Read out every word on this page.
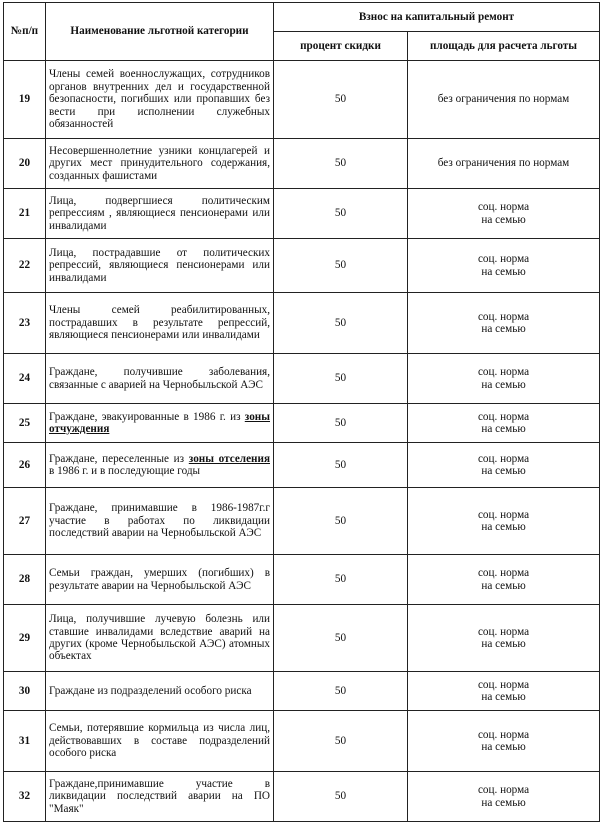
№п/п	Наименование льготной категории	Взнос на капитальный ремонт	
		процент скидки	площадь для расчета льготы
19	Члены семей военнослужащих, сотрудников органов внутренних дел и государственной безопасности, погибших или пропавших без вести при исполнении служебных обязанностей	50	без ограничения по нормам

20	Несовершеннолетние узники концлагерей и других мест принудительного содержания, созданных фашистами	50	без ограничения по нормам

21	Лица, подвергшиеся политическим репрессиям , являющиеся пенсионерами или инвалидами	50	соц. норма
на семью

22	Лица, пострадавшие от политических репрессий, являющиеся пенсионерами или инвалидами	50	соц. норма
на семью

23	Члены семей реабилитированных, пострадавших в результате репрессий, являющиеся пенсионерами или инвалидами	50	соц. норма
на семью

24	Граждане, получившие заболевания, связанные с аварией на Чернобыльской АЭС	50	соц. норма
на семью

25	Граждане, эвакуированные в 1986 г. из зоны отчуждения	50	соц. норма
на семью

26	Граждане, переселенные из зоны отселения в 1986 г. и в последующие годы	50	соц. норма
на семью

27	Граждане, принимавшие в 1986-1987г.г участие в работах по ликвидации последствий аварии на Чернобыльской АЭС	50	соц. норма
на семью

28	Семьи граждан, умерших (погибших) в результате аварии на Чернобыльской АЭС	50	соц. норма
на семью

29	Лица, получившие лучевую болезнь или ставшие инвалидами вследствие аварий на других (кроме Чернобыльской АЭС) атомных объектах	50	соц. норма
на семью

30	Граждане из подразделений особого риска	50	соц. норма
на семью

31	Семьи, потерявшие кормильца из числа лиц, действовавших в составе подразделений особого риска	50	соц. норма
на семью

32	Граждане,принимавшие участие в ликвидации последствий аварии на ПО "Маяк"	50	соц. норма
на семью
